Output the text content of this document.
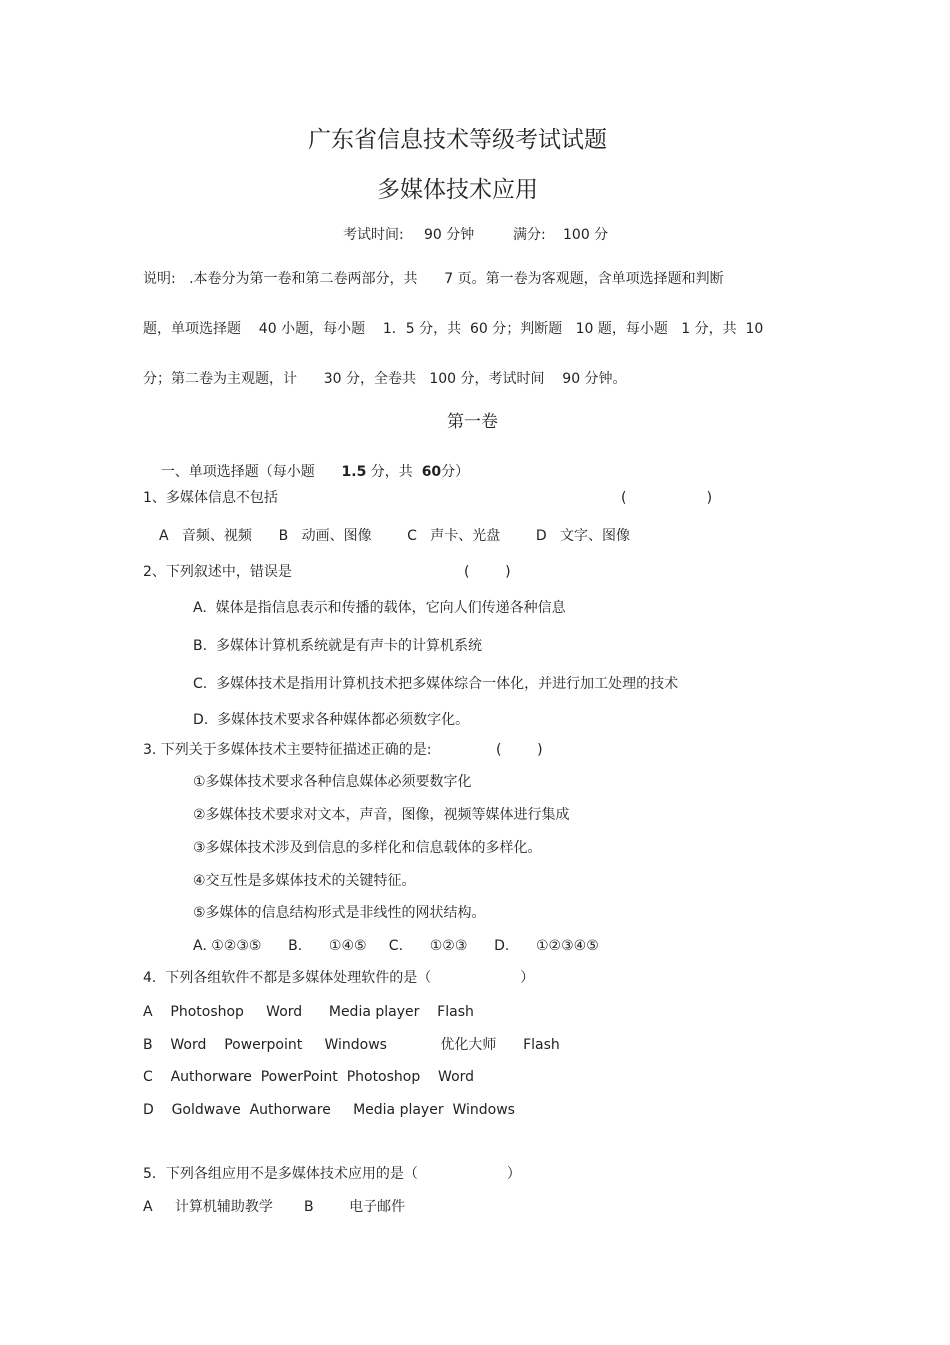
广东省信息技术等级考试试题
多媒体技术应用
考试时间: 90 分钟	满分: 100 分
说明:   .本卷分为第一卷和第二卷两部分，共      7 页。第一卷为客观题，含单项选择题和判断
题，单项选择题    40 小题，每小题    1．5 分，共  60 分；判断题   10 题，每小题   1 分，共  10
分；第二卷为主观题，计      30 分，全卷共   100 分，考试时间    90 分钟。
第一卷

一、单项选择题（每小题 1.5 分，共 60分）

1、多媒体信息不包括	(                  )
A   音频、视频      B   动画、图像        C   声卡、光盘        D   文字、图像
2、下列叙述中，错误是	(        )
A.  媒体是指信息表示和传播的载体，它向人们传递各种信息
B.  多媒体计算机系统就是有声卡的计算机系统
C.  多媒体技术是指用计算机技术把多媒体综合一体化，并进行加工处理的技术
D.  多媒体技术要求各种媒体都必须数字化。
3. 下列关于多媒体技术主要特征描述正确的是:	(        )
①多媒体技术要求各种信息媒体必须要数字化
②多媒体技术要求对文本，声音，图像，视频等媒体进行集成
③多媒体技术涉及到信息的多样化和信息载体的多样化。
④交互性是多媒体技术的关键特征。
⑤多媒体的信息结构形式是非线性的网状结构。
A. ①②③⑤      B.      ①④⑤     C.      ①②③      D.      ①②③④⑤
4.  下列各组软件不都是多媒体处理软件的是（                    ）
A    Photoshop     Word      Media player    Flash
B    Word    Powerpoint     Windows            优化大师      Flash
C    Authorware  PowerPoint  Photoshop    Word
D    Goldwave  Authorware     Media player  Windows
5．下列各组应用不是多媒体技术应用的是（                    ）
A     计算机辅助教学       B        电子邮件
